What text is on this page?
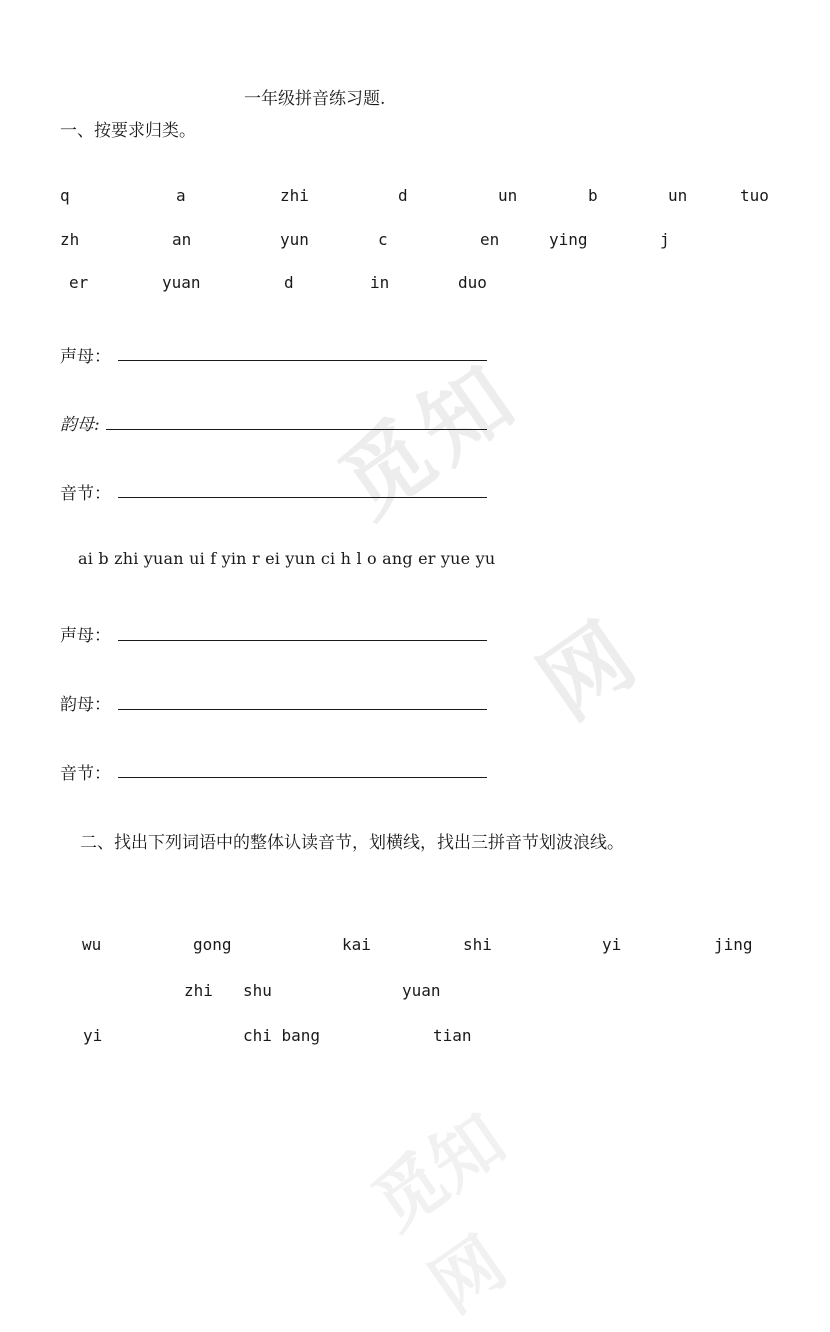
觅知网
觅知网
一年级拼音练习题.
一、按要求归类。
q	a	zhi	d	un	b	un	tuo
zh	an	yun	c	en	ying	j
er	yuan	d	in	duo
声母：
韵母:
音节：
ai b zhi yuan ui f yin r ei yun ci h l o ang er yue yu
声母：
韵母：
音节：
二、找出下列词语中的整体认读音节，划横线，找出三拼音节划波浪线。
wu	gong	kai	shi	yi	jing
zhi shu	yuan
yi	chi bang	tian
